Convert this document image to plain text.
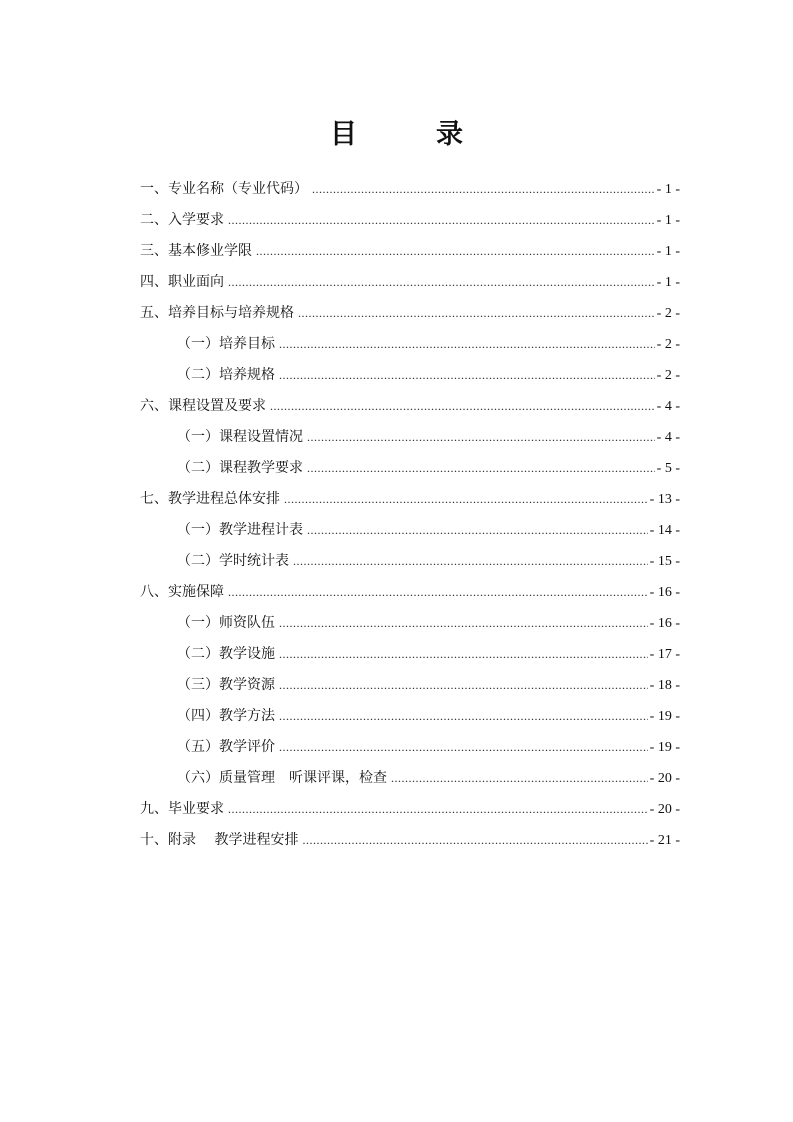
目　录
一、 专业名称（专业代码） .....	- 1 -
二、 入学要求 .....	- 1 -
三、 基本修业学限 .....	- 1 -
四、 职业面向 .....	- 1 -
五、 培养目标与培养规格 .....	- 2 -
（一）培养目标 .....	- 2 -
（二）培养规格 .....	- 2 -
六、 课程设置及要求 .....	- 4 -
（一）课程设置情况 .....	- 4 -
（二）课程教学要求 .....	- 5 -
七、 教学进程总体安排 .....	- 13 -
（一）教学进程计表 .....	- 14 -
（二）学时统计表 .....	- 15 -
八、 实施保障 .....	- 16 -
（一）师资队伍 .....	- 16 -
（二）教学设施 .....	- 17 -
（三）教学资源 .....	- 18 -
（四）教学方法 .....	- 19 -
（五）教学评价 .....	- 19 -
（六）质量管理　听课评课，检查 .....	- 20 -
九、 毕业要求 .....	- 20 -
十、 附录　 教学进程安排 .....	- 21 -
